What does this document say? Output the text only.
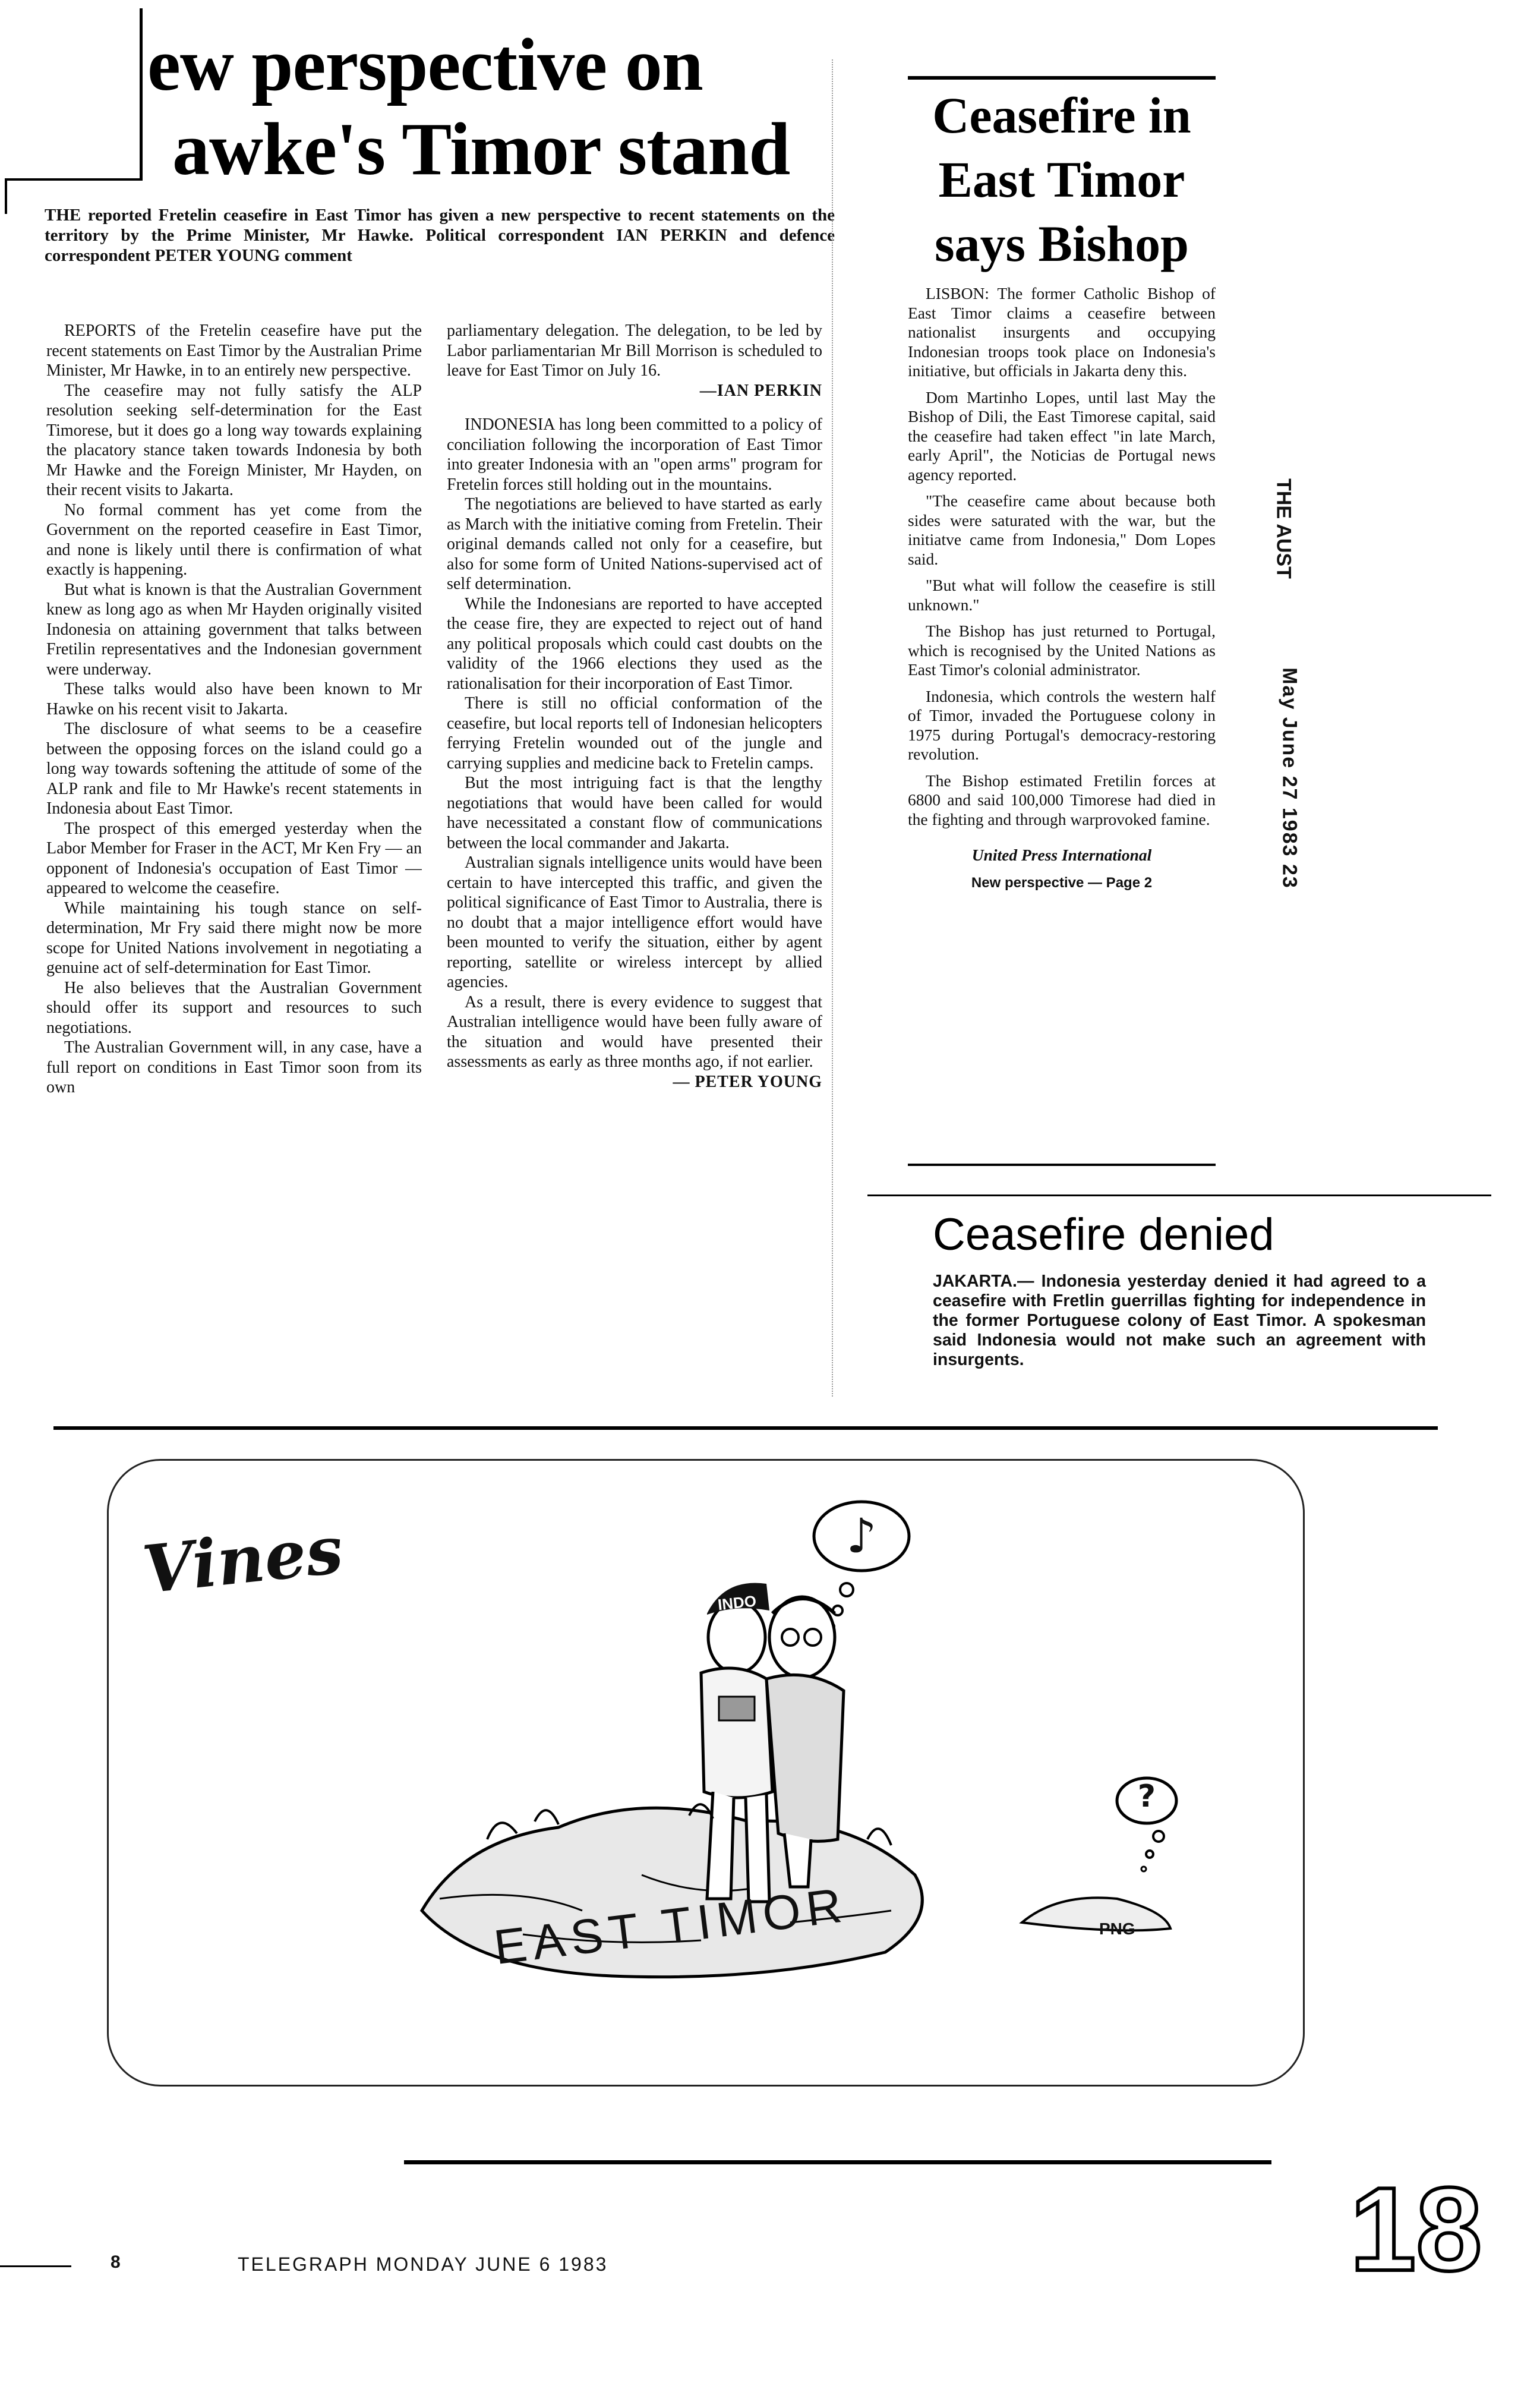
ew perspective on
awke's Timor stand
THE reported Fretelin ceasefire in East Timor has given a new perspective to recent statements on the territory by the Prime Minister, Mr Hawke. Political correspondent IAN PERKIN and defence correspondent PETER YOUNG comment

REPORTS of the Fretelin ceasefire have put the recent statements on East Timor by the Australian Prime Minister, Mr Hawke, in to an entirely new perspective.

The ceasefire may not fully satisfy the ALP resolution seeking self-determination for the East Timorese, but it does go a long way towards explaining the placatory stance taken towards Indonesia by both Mr Hawke and the Foreign Minister, Mr Hayden, on their recent visits to Jakarta.

No formal comment has yet come from the Government on the reported ceasefire in East Timor, and none is likely until there is confirmation of what exactly is happening.

But what is known is that the Australian Government knew as long ago as when Mr Hayden originally visited Indonesia on attaining government that talks between Fretilin representatives and the Indonesian government were underway.

These talks would also have been known to Mr Hawke on his recent visit to Jakarta.

The disclosure of what seems to be a ceasefire between the opposing forces on the island could go a long way towards softening the attitude of some of the ALP rank and file to Mr Hawke's recent statements in Indonesia about East Timor.

The prospect of this emerged yesterday when the Labor Member for Fraser in the ACT, Mr Ken Fry — an opponent of Indonesia's occupation of East Timor — appeared to welcome the ceasefire.

While maintaining his tough stance on self-determination, Mr Fry said there might now be more scope for United Nations involvement in negotiating a genuine act of self-determination for East Timor.

He also believes that the Australian Government should offer its support and resources to such negotiations.

The Australian Government will, in any case, have a full report on conditions in East Timor soon from its own

parliamentary delegation. The delegation, to be led by Labor parliamentarian Mr Bill Morrison is scheduled to leave for East Timor on July 16.

—IAN PERKIN

INDONESIA has long been committed to a policy of conciliation following the incorporation of East Timor into greater Indonesia with an "open arms" program for Fretelin forces still holding out in the mountains.

The negotiations are believed to have started as early as March with the initiative coming from Fretelin. Their original demands called not only for a ceasefire, but also for some form of United Nations-supervised act of self determination.

While the Indonesians are reported to have accepted the cease fire, they are expected to reject out of hand any political proposals which could cast doubts on the validity of the 1966 elections they used as the rationalisation for their incorporation of East Timor.

There is still no official conformation of the ceasefire, but local reports tell of Indonesian helicopters ferrying Fretelin wounded out of the jungle and carrying supplies and medicine back to Fretelin camps.

But the most intriguing fact is that the lengthy negotiations that would have been called for would have necessitated a constant flow of communications between the local commander and Jakarta.

Australian signals intelligence units would have been certain to have intercepted this traffic, and given the political significance of East Timor to Australia, there is no doubt that a major intelligence effort would have been mounted to verify the situation, either by agent reporting, satellite or wireless intercept by allied agencies.

As a result, there is every evidence to suggest that Australian intelligence would have been fully aware of the situation and would have presented their assessments as early as three months ago, if not earlier.

— PETER YOUNG
Ceasefire in
East Timor
says Bishop

LISBON: The former Catholic Bishop of East Timor claims a ceasefire between nationalist insurgents and occupying Indonesian troops took place on Indonesia's initiative, but officials in Jakarta deny this.

Dom Martinho Lopes, until last May the Bishop of Dili, the East Timorese capital, said the ceasefire had taken effect "in late March, early April", the Noticias de Portugal news agency reported.

"The ceasefire came about because both sides were saturated with the war, but the initiatve came from Indonesia," Dom Lopes said.

"But what will follow the ceasefire is still unknown."

The Bishop has just returned to Portugal, which is recognised by the United Nations as East Timor's colonial administrator.

Indonesia, which controls the western half of Timor, invaded the Portuguese colony in 1975 during Portugal's democracy-restoring revolution.

The Bishop estimated Fretilin forces at 6800 and said 100,000 Timorese had died in the fighting and through warprovoked famine.

United Press International
New perspective — Page 2
THE AUST
May June 27 1983 23
Ceasefire denied
JAKARTA.— Indonesia yesterday denied it had agreed to a ceasefire with Fretlin guerrillas fighting for independence in the former Portuguese colony of East Timor. A spokesman said Indonesia would not make such an agreement with insurgents.
Vines	♪
?
INDO
EAST TIMOR	PNG
18
8	TELEGRAPH MONDAY JUNE 6 1983
